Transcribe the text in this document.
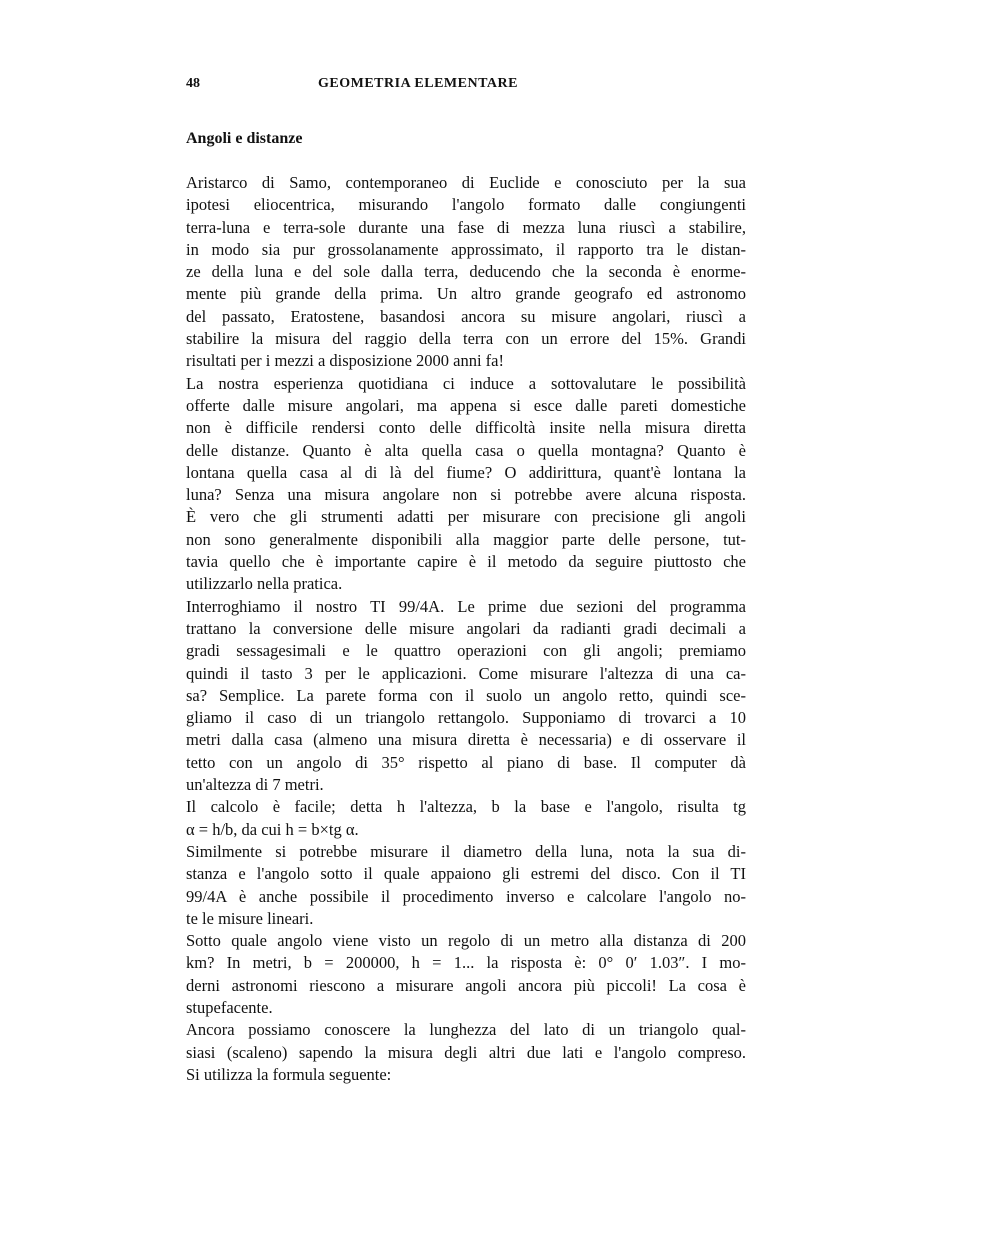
48	GEOMETRIA ELEMENTARE
Angoli e distanze
Aristarco di Samo, contemporaneo di Euclide e conosciuto per la sua
ipotesi eliocentrica, misurando l'angolo formato dalle congiungenti
terra-luna e terra-sole durante una fase di mezza luna riuscì a stabilire,
in modo sia pur grossolanamente approssimato, il rapporto tra le distan-
ze della luna e del sole dalla terra, deducendo che la seconda è enorme-
mente più grande della prima. Un altro grande geografo ed astronomo
del passato, Eratostene, basandosi ancora su misure angolari, riuscì a
stabilire la misura del raggio della terra con un errore del 15%. Grandi
risultati per i mezzi a disposizione 2000 anni fa!
La nostra esperienza quotidiana ci induce a sottovalutare le possibilità
offerte dalle misure angolari, ma appena si esce dalle pareti domestiche
non è difficile rendersi conto delle difficoltà insite nella misura diretta
delle distanze. Quanto è alta quella casa o quella montagna? Quanto è
lontana quella casa al di là del fiume? O addirittura, quant'è lontana la
luna? Senza una misura angolare non si potrebbe avere alcuna risposta.
È vero che gli strumenti adatti per misurare con precisione gli angoli
non sono generalmente disponibili alla maggior parte delle persone, tut-
tavia quello che è importante capire è il metodo da seguire piuttosto che
utilizzarlo nella pratica.
Interroghiamo il nostro TI 99/4A. Le prime due sezioni del programma
trattano la conversione delle misure angolari da radianti gradi decimali a
gradi sessagesimali e le quattro operazioni con gli angoli; premiamo
quindi il tasto 3 per le applicazioni. Come misurare l'altezza di una ca-
sa? Semplice. La parete forma con il suolo un angolo retto, quindi sce-
gliamo il caso di un triangolo rettangolo. Supponiamo di trovarci a 10
metri dalla casa (almeno una misura diretta è necessaria) e di osservare il
tetto con un angolo di 35° rispetto al piano di base. Il computer dà
un'altezza di 7 metri.
Il calcolo è facile; detta h l'altezza, b la base e l'angolo, risulta tg
α = h/b, da cui h = b×tg α.
Similmente si potrebbe misurare il diametro della luna, nota la sua di-
stanza e l'angolo sotto il quale appaiono gli estremi del disco. Con il TI
99/4A è anche possibile il procedimento inverso e calcolare l'angolo no-
te le misure lineari.
Sotto quale angolo viene visto un regolo di un metro alla distanza di 200
km? In metri, b = 200000, h = 1... la risposta è: 0° 0′ 1.03″. I mo-
derni astronomi riescono a misurare angoli ancora più piccoli! La cosa è
stupefacente.
Ancora possiamo conoscere la lunghezza del lato di un triangolo qual-
siasi (scaleno) sapendo la misura degli altri due lati e l'angolo compreso.
Si utilizza la formula seguente:
